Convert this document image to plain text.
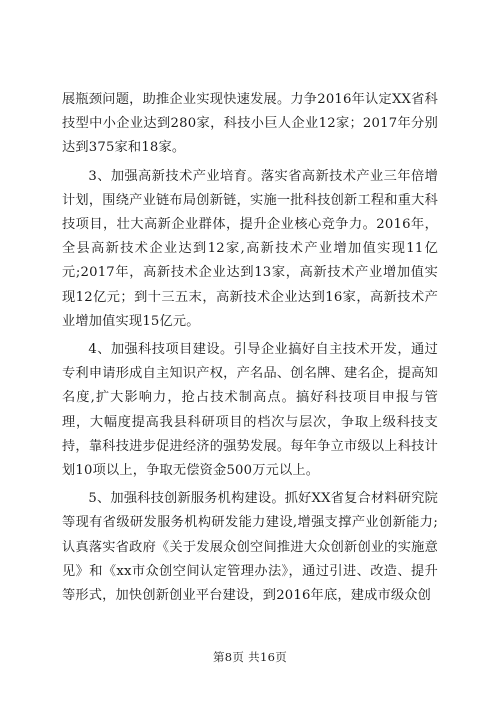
展瓶颈问题，助推企业实现快速发展。力争2016年认定XX省科技型中小企业达到280家，科技小巨人企业12家；2017年分别达到375家和18家。

3、加强高新技术产业培育。落实省高新技术产业三年倍增计划，围绕产业链布局创新链，实施一批科技创新工程和重大科技项目，壮大高新企业群体，提升企业核心竞争力。2016年，全县高新技术企业达到12家,高新技术产业增加值实现11亿元;2017年，高新技术企业达到13家，高新技术产业增加值实现12亿元；到十三五末，高新技术企业达到16家，高新技术产业增加值实现15亿元。

4、加强科技项目建设。引导企业搞好自主技术开发，通过专利申请形成自主知识产权，产名品、创名牌、建名企，提高知名度,扩大影响力，抢占技术制高点。搞好科技项目申报与管理，大幅度提高我县科研项目的档次与层次，争取上级科技支持，靠科技进步促进经济的强势发展。每年争立市级以上科技计划10项以上，争取无偿资金500万元以上。

5、加强科技创新服务机构建设。抓好XX省复合材料研究院等现有省级研发服务机构研发能力建设,增强支撑产业创新能力;认真落实省政府《关于发展众创空间推进大众创新创业的实施意见》和《xx市众创空间认定管理办法》，通过引进、改造、提升等形式，加快创新创业平台建设，到2016年底，建成市级众创

第8页 共16页
